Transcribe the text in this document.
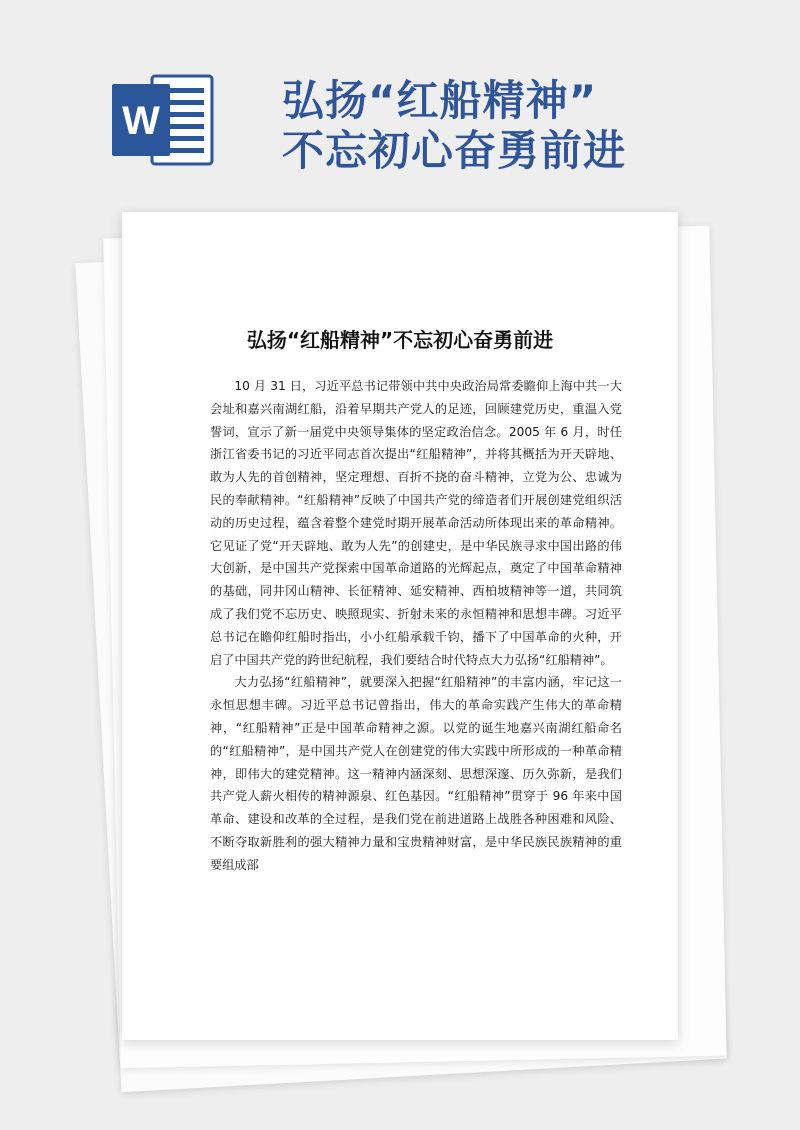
W	弘扬“红船精神”
不忘初心奋勇前进
弘扬“红船精神”不忘初心奋勇前进

10 月 31 日，习近平总书记带领中共中央政治局常委瞻仰上海中共一大会址和嘉兴南湖红船，沿着早期共产党人的足迹，回顾建党历史，重温入党誓词，宣示了新一届党中央领导集体的坚定政治信念。2005 年 6 月，时任浙江省委书记的习近平同志首次提出“红船精神”，并将其概括为开天辟地、敢为人先的首创精神，坚定理想、百折不挠的奋斗精神，立党为公、忠诚为民的奉献精神。“红船精神”反映了中国共产党的缔造者们开展创建党组织活动的历史过程，蕴含着整个建党时期开展革命活动所体现出来的革命精神。它见证了党“开天辟地、敢为人先”的创建史，是中华民族寻求中国出路的伟大创新，是中国共产党探索中国革命道路的光辉起点，奠定了中国革命精神的基础，同井冈山精神、长征精神、延安精神、西柏坡精神等一道，共同筑成了我们党不忘历史、映照现实、折射未来的永恒精神和思想丰碑。习近平总书记在瞻仰红船时指出，小小红船承载千钧，播下了中国革命的火种，开启了中国共产党的跨世纪航程，我们要结合时代特点大力弘扬“红船精神”。

大力弘扬“红船精神”，就要深入把握“红船精神”的丰富内涵，牢记这一永恒思想丰碑。习近平总书记曾指出，伟大的革命实践产生伟大的革命精神，“红船精神”正是中国革命精神之源。以党的诞生地嘉兴南湖红船命名的“红船精神”，是中国共产党人在创建党的伟大实践中所形成的一种革命精神，即伟大的建党精神。这一精神内涵深刻、思想深邃、历久弥新，是我们共产党人薪火相传的精神源泉、红色基因。“红船精神”贯穿于 96 年来中国革命、建设和改革的全过程，是我们党在前进道路上战胜各种困难和风险、不断夺取新胜利的强大精神力量和宝贵精神财富，是中华民族民族精神的重要组成部
